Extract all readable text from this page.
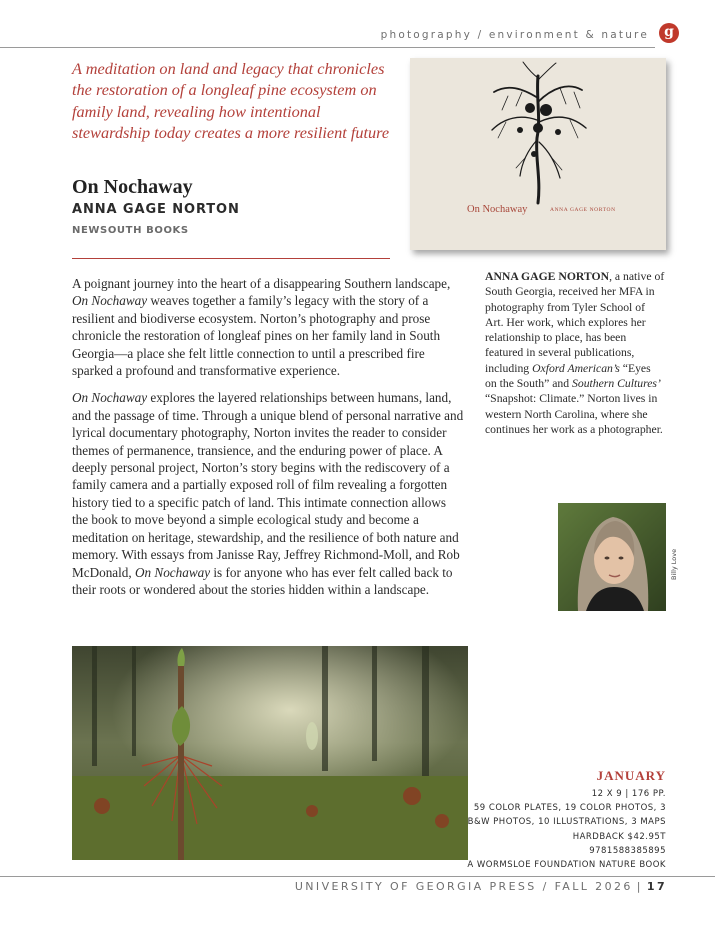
photography / environment & nature	g
A meditation on land and legacy that chronicles the restoration of a longleaf pine ecosystem on family land, revealing how intentional stewardship today creates a more resilient future
On Nochaway
ANNA GAGE NORTON
NEWSOUTH BOOKS
On Nochaway	ANNA GAGE NORTON

A poignant journey into the heart of a disappearing Southern landscape, On Nochaway weaves together a family’s legacy with the story of a resilient and biodiverse ecosystem. Norton’s photography and prose chronicle the restoration of longleaf pines on her family land in South Georgia—a place she felt little connection to until a prescribed fire sparked a profound and transformative experience.

On Nochaway explores the layered relationships between humans, land, and the passage of time. Through a unique blend of personal narrative and lyrical documentary photography, Norton invites the reader to consider themes of permanence, transience, and the enduring power of place. A deeply personal project, Norton’s story begins with the rediscovery of a family camera and a partially exposed roll of film revealing a forgotten history tied to a specific patch of land. This intimate connection allows the book to move beyond a simple ecological study and become a meditation on heritage, stewardship, and the resilience of both nature and memory. With essays from Janisse Ray, Jeffrey Richmond-Moll, and Rob McDonald, On Nochaway is for anyone who has ever felt called back to their roots or wondered about the stories hidden within a landscape.

ANNA GAGE NORTON, a native of South Georgia, received her MFA in photography from Tyler School of Art. Her work, which explores her relationship to place, has been featured in several publications, including Oxford American’s “Eyes on the South” and Southern Cultures’ “Snapshot: Climate.” Norton lives in western North Carolina, where she continues her work as a photographer.
Billy Love
JANUARY
12 X 9 | 176 PP.
59 COLOR PLATES, 19 COLOR PHOTOS, 3
B&W PHOTOS, 10 ILLUSTRATIONS, 3 MAPS
HARDBACK $42.95T
9781588385895
A WORMSLOE FOUNDATION NATURE BOOK
UNIVERSITY OF GEORGIA PRESS / FALL 2026 | 17
